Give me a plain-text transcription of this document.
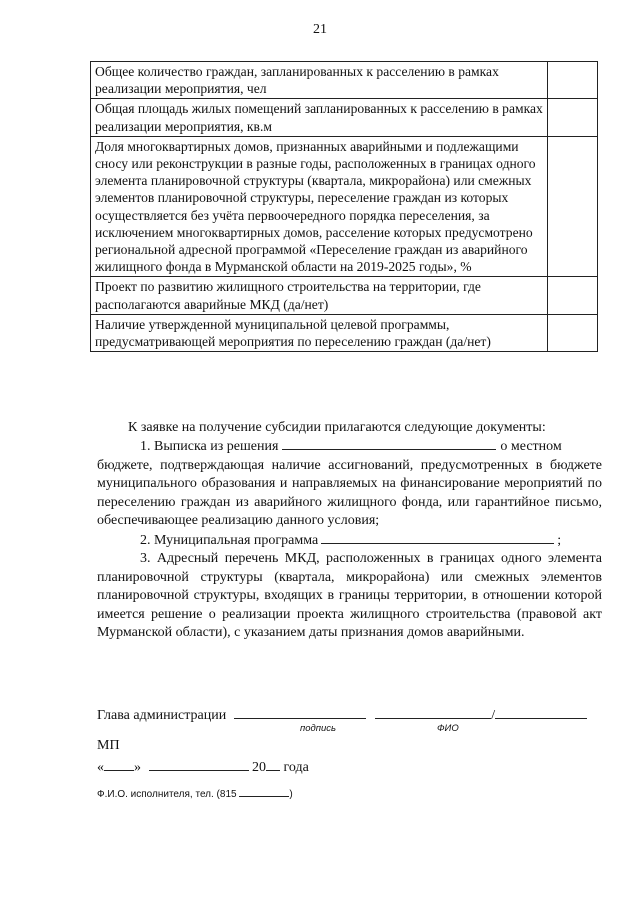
21
Общее количество граждан, запланированных к расселению в рамках реализации мероприятия, чел	
Общая площадь жилых помещений запланированных к расселению в рамках реализации мероприятия, кв.м	
Доля многоквартирных домов, признанных аварийными и подлежащими сносу или реконструкции в разные годы, расположенных в границах одного элемента планировочной структуры (квартала, микрорайона) или смежных элементов планировочной структуры, переселение граждан из которых осуществляется без учёта первоочередного порядка переселения, за исключением многоквартирных домов, расселение которых предусмотрено региональной адресной программой «Переселение граждан из аварийного жилищного фонда в Мурманской области на 2019-2025 годы», %	
Проект по развитию жилищного строительства на территории, где располагаются аварийные МКД (да/нет)	
Наличие утвержденной муниципальной целевой программы, предусматривающей мероприятия по переселению граждан (да/нет)	
К заявке на получение субсидии прилагаются следующие документы:

1. Выписка из решения	о местном

бюджете, подтверждающая наличие ассигнований, предусмотренных в бюджете муниципального образования и направляемых на финансирование мероприятий по переселению граждан из аварийного жилищного фонда, или гарантийное письмо, обеспечивающее реализацию данного условия;

2. Муниципальная программа	;

3. Адресный перечень МКД, расположенных в границах одного элемента планировочной структуры (квартала, микрорайона) или смежных элементов планировочной структуры, входящих в границы территории, в отношении которой имеется решение о реализации проекта жилищного строительства (правовой акт Мурманской области), с указанием даты признания домов аварийными.

Глава администрации	/
подпись	ФИО
МП
« »	20 года
Ф.И.О. исполнителя, тел. (815	)
